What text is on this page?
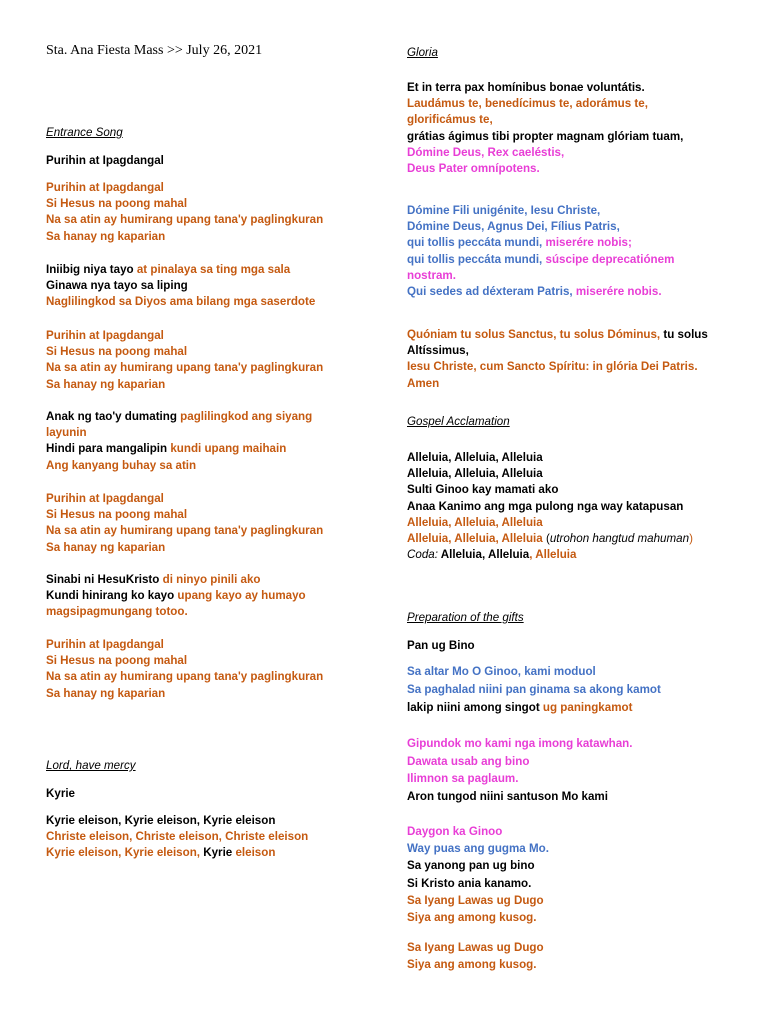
Sta. Ana Fiesta Mass >> July 26, 2021
Entrance Song
Purihin at Ipagdangal

Purihin at Ipagdangal

Si Hesus na poong mahal

Na sa atin ay humirang upang tana'y paglingkuran

Sa hanay ng kaparian

Iniibig niya tayo at pinalaya sa ting mga sala

Ginawa nya tayo sa liping

Naglilingkod sa Diyos ama bilang mga saserdote

Purihin at Ipagdangal

Si Hesus na poong mahal

Na sa atin ay humirang upang tana'y paglingkuran

Sa hanay ng kaparian

Anak ng tao'y dumating paglilingkod ang siyang

layunin

Hindi para mangalipin kundi upang maihain

Ang kanyang buhay sa atin

Purihin at Ipagdangal

Si Hesus na poong mahal

Na sa atin ay humirang upang tana'y paglingkuran

Sa hanay ng kaparian

Sinabi ni HesuKristo di ninyo pinili ako

Kundi hinirang ko kayo upang kayo ay humayo

magsipagmungang totoo.

Purihin at Ipagdangal

Si Hesus na poong mahal

Na sa atin ay humirang upang tana'y paglingkuran

Sa hanay ng kaparian

Lord, have mercy
Kyrie

Kyrie eleison, Kyrie eleison, Kyrie eleison

Christe eleison, Christe eleison, Christe eleison

Kyrie eleison, Kyrie eleison, Kyrie eleison

Gloria

Et in terra pax homínibus bonae voluntátis.

Laudámus te, benedícimus te, adorámus te,

glorificámus te,

grátias ágimus tibi propter magnam glóriam tuam,

Dómine Deus, Rex caeléstis,

Deus Pater omnípotens.

Dómine Fili unigénite, Iesu Christe,

Dómine Deus, Agnus Dei, Fílius Patris,

qui tollis peccáta mundi, miserére nobis;

qui tollis peccáta mundi, súscipe deprecatiónem

nostram.

Qui sedes ad déxteram Patris, miserére nobis.

Quóniam tu solus Sanctus, tu solus Dóminus, tu solus

Altíssimus,

Iesu Christe, cum Sancto Spíritu: in glória Dei Patris.

Amen

Gospel Acclamation

Alleluia, Alleluia, Alleluia

Alleluia, Alleluia, Alleluia

Sulti Ginoo kay mamati ako

Anaa Kanimo ang mga pulong nga way katapusan

Alleluia, Alleluia, Alleluia

Alleluia, Alleluia, Alleluia (utrohon hangtud mahuman)

Coda: Alleluia, Alleluia, Alleluia

Preparation of the gifts
Pan ug Bino

Sa altar Mo O Ginoo, kami moduol

Sa paghalad niini pan ginama sa akong kamot

lakip niini among singot ug paningkamot

Gipundok mo kami nga imong katawhan.

Dawata usab ang bino

Ilimnon sa paglaum.

Aron tungod niini santuson Mo kami

Daygon ka Ginoo

Way puas ang gugma Mo.

Sa yanong pan ug bino

Si Kristo ania kanamo.

Sa Iyang Lawas ug Dugo

Siya ang among kusog.

Sa Iyang Lawas ug Dugo

Siya ang among kusog.
